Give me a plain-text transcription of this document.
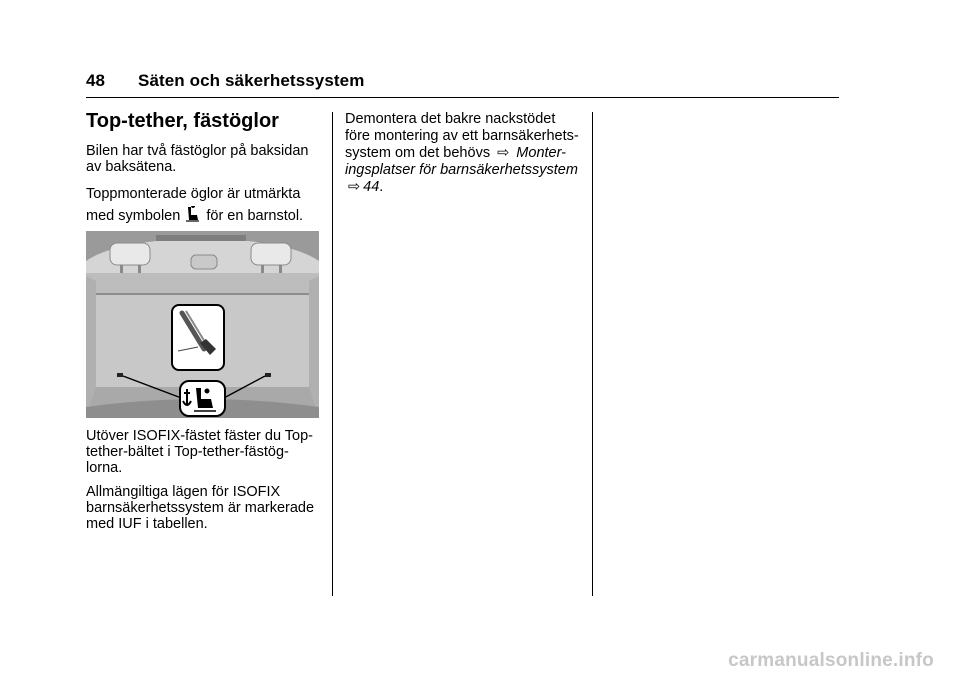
48 Säten och säkerhetssystem
Top-tether, fästöglor

Bilen har två fästöglor på baksidan av baksätena.

Toppmonterade öglor är utmärkta med symbolen för en barnstol.

Utöver ISOFIX-fästet fäster du Top-tether-bältet i Top-tether-fästög-lorna.

Allmängiltiga lägen för ISOFIX barnsäkerhetssystem är markerade med IUF i tabellen.

Demontera det bakre nackstödet före montering av ett barnsäkerhets-system om det behövs ⇨ Monter-ingsplatser för barnsäkerhetssystem ⇨ 44.

carmanualsonline.info
